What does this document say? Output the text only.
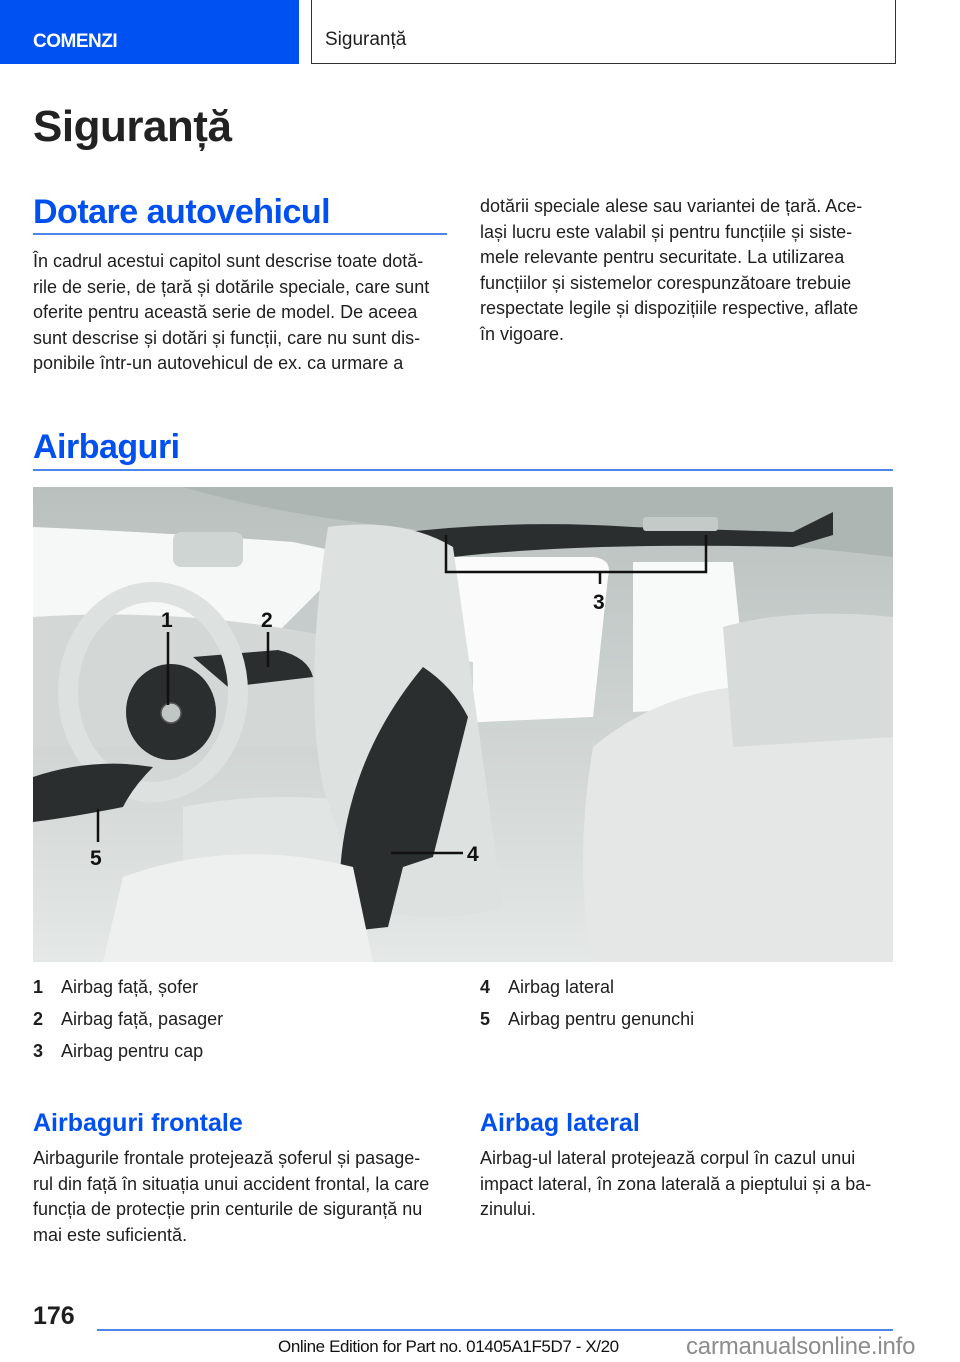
COMENZI	Siguranță
Siguranță
Dotare autovehicul
În cadrul acestui capitol sunt descrise toate dotă-
rile de serie, de țară și dotările speciale, care sunt
oferite pentru această serie de model. De aceea
sunt descrise și dotări și funcții, care nu sunt dis-
ponibile într-un autovehicul de ex. ca urmare a
dotării speciale alese sau variantei de țară. Ace-
lași lucru este valabil și pentru funcțiile și siste-
mele relevante pentru securitate. La utilizarea
funcțiilor și sistemelor corespunzătoare trebuie
respectate legile și dispozițiile respective, aflate
în vigoare.
Airbaguri
1	2
3
4
5
1 Airbag față, șofer
2 Airbag față, pasager
3 Airbag pentru cap
4 Airbag lateral
5 Airbag pentru genunchi
Airbaguri frontale
Airbagurile frontale protejează șoferul și pasage-
rul din față în situația unui accident frontal, la care
funcția de protecție prin centurile de siguranță nu
mai este suficientă.
Airbag lateral
Airbag-ul lateral protejează corpul în cazul unui
impact lateral, în zona laterală a pieptului și a ba-
zinului.
176
Online Edition for Part no. 01405A1F5D7 - X/20	carmanualsonline.info
